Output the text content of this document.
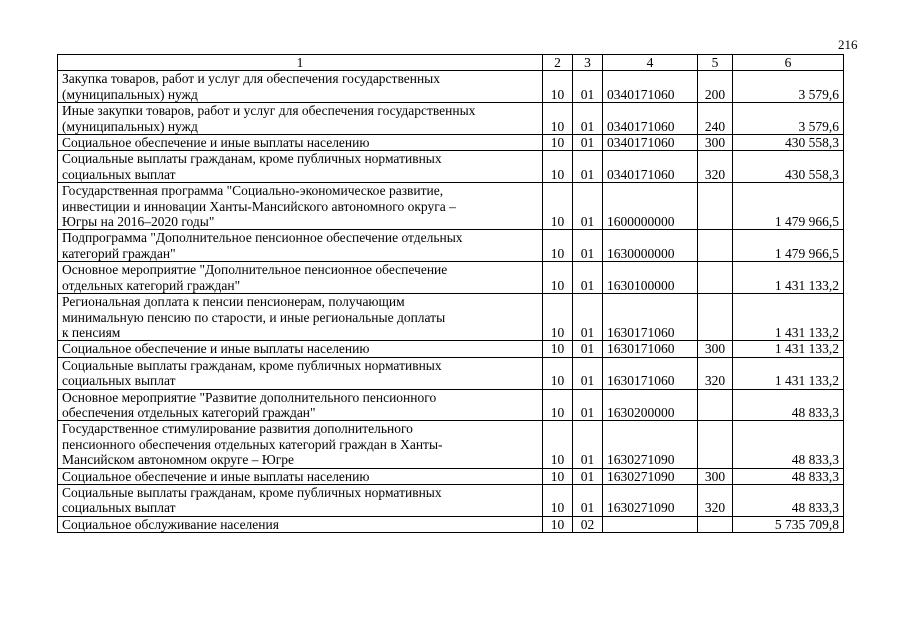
216
1	2	3	4	5	6

Закупка товаров, работ и услуг для обеспечения государственных
(муниципальных) нужд	10	01	0340171060	200	3 579,6

Иные закупки товаров, работ и услуг для обеспечения государственных
(муниципальных) нужд	10	01	0340171060	240	3 579,6

Социальное обеспечение и иные выплаты населению	10	01	0340171060	300	430 558,3

Социальные выплаты гражданам, кроме публичных нормативных
социальных выплат	10	01	0340171060	320	430 558,3

Государственная программа "Социально-экономическое развитие,
инвестиции и инновации Ханты-Мансийского автономного округа –
Югры на 2016–2020 годы"	10	01	1600000000		1 479 966,5

Подпрограмма "Дополнительное пенсионное обеспечение отдельных
категорий граждан"	10	01	1630000000		1 479 966,5

Основное мероприятие "Дополнительное пенсионное обеспечение
отдельных категорий граждан"	10	01	1630100000		1 431 133,2

Региональная доплата к пенсии пенсионерам, получающим
минимальную пенсию по старости, и иные региональные доплаты
к пенсиям	10	01	1630171060		1 431 133,2

Социальное обеспечение и иные выплаты населению	10	01	1630171060	300	1 431 133,2

Социальные выплаты гражданам, кроме публичных нормативных
социальных выплат	10	01	1630171060	320	1 431 133,2

Основное мероприятие "Развитие дополнительного пенсионного
обеспечения отдельных категорий граждан"	10	01	1630200000		48 833,3

Государственное стимулирование развития дополнительного
пенсионного обеспечения отдельных категорий граждан в Ханты-
Мансийском автономном округе – Югре	10	01	1630271090		48 833,3

Социальное обеспечение и иные выплаты населению	10	01	1630271090	300	48 833,3

Социальные выплаты гражданам, кроме публичных нормативных
социальных выплат	10	01	1630271090	320	48 833,3

Социальное обслуживание населения	10	02			5 735 709,8
